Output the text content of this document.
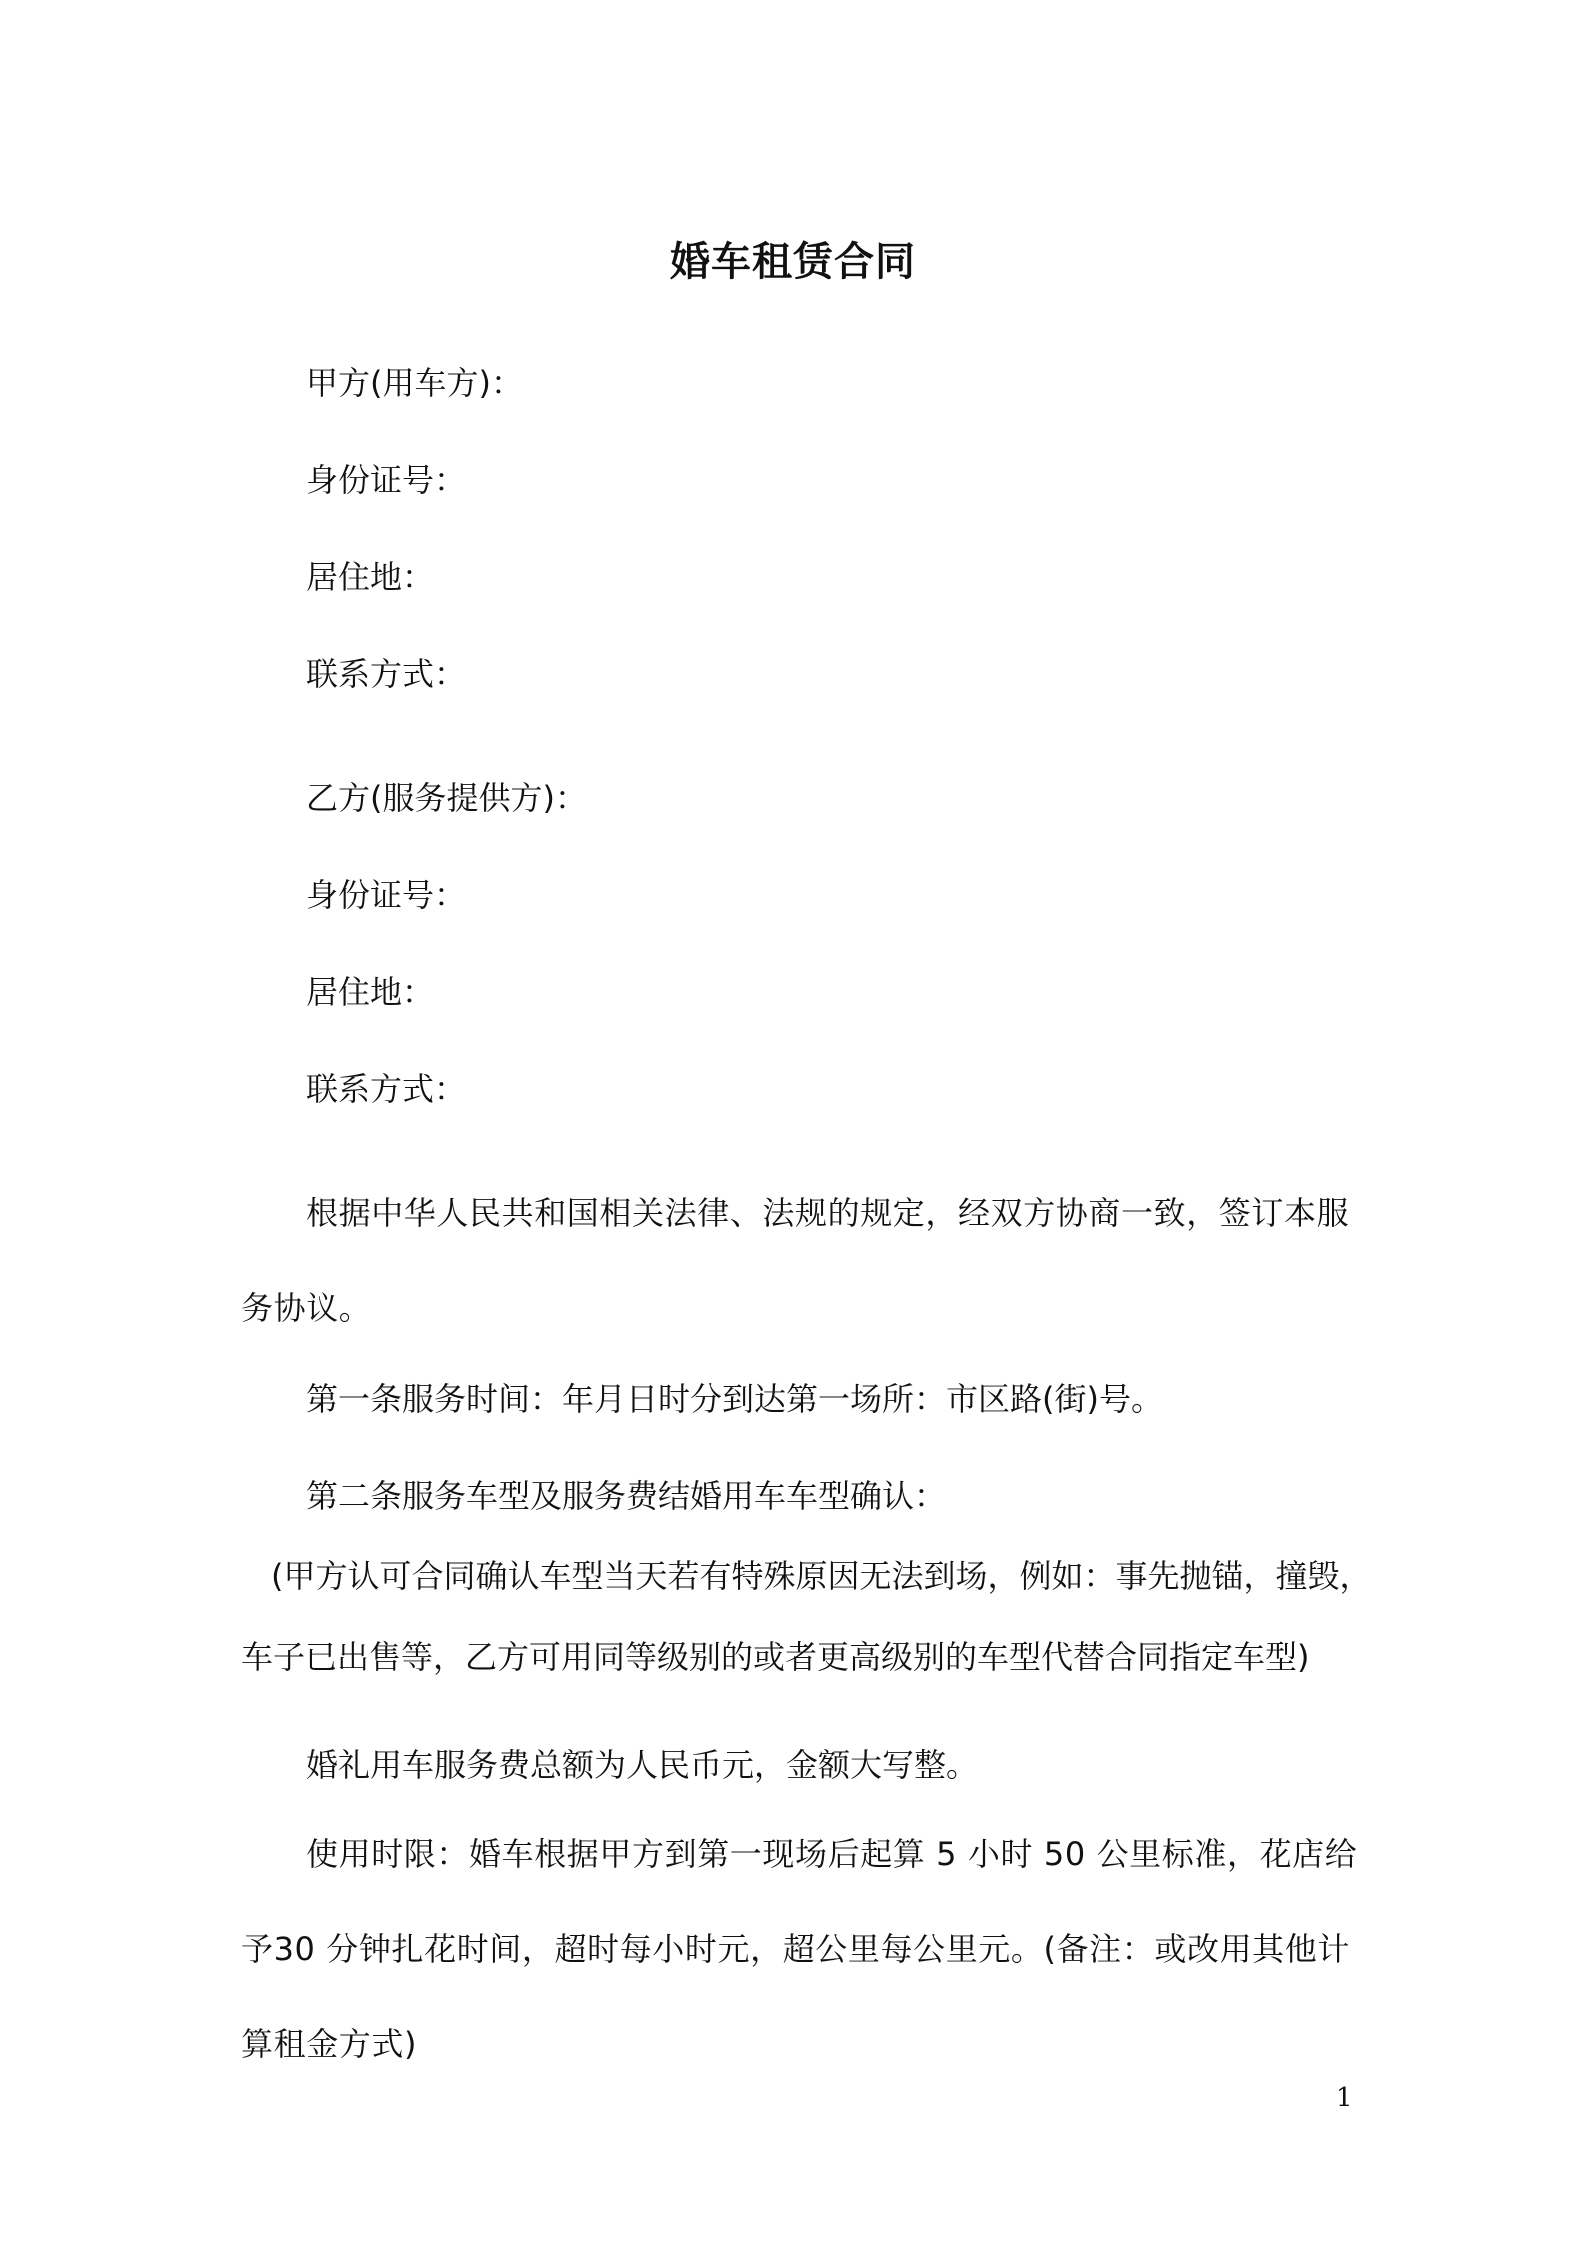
婚车租赁合同
甲方(用车方)：
身份证号：
居住地：
联系方式：
乙方(服务提供方)：
身份证号：
居住地：
联系方式：
根据中华人民共和国相关法律、法规的规定，经双方协商一致，签订本服务协议。
第一条服务时间：年月日时分到达第一场所：市区路(街)号。
第二条服务车型及服务费结婚用车车型确认：
(甲方认可合同确认车型当天若有特殊原因无法到场，例如：事先抛锚，撞毁，
车子已出售等，乙方可用同等级别的或者更高级别的车型代替合同指定车型)
婚礼用车服务费总额为人民币元，金额大写整。
使用时限：婚车根据甲方到第一现场后起算 5 小时 50 公里标准，花店给予30 分钟扎花时间，超时每小时元，超公里每公里元。(备注：或改用其他计算租金方式)
1
